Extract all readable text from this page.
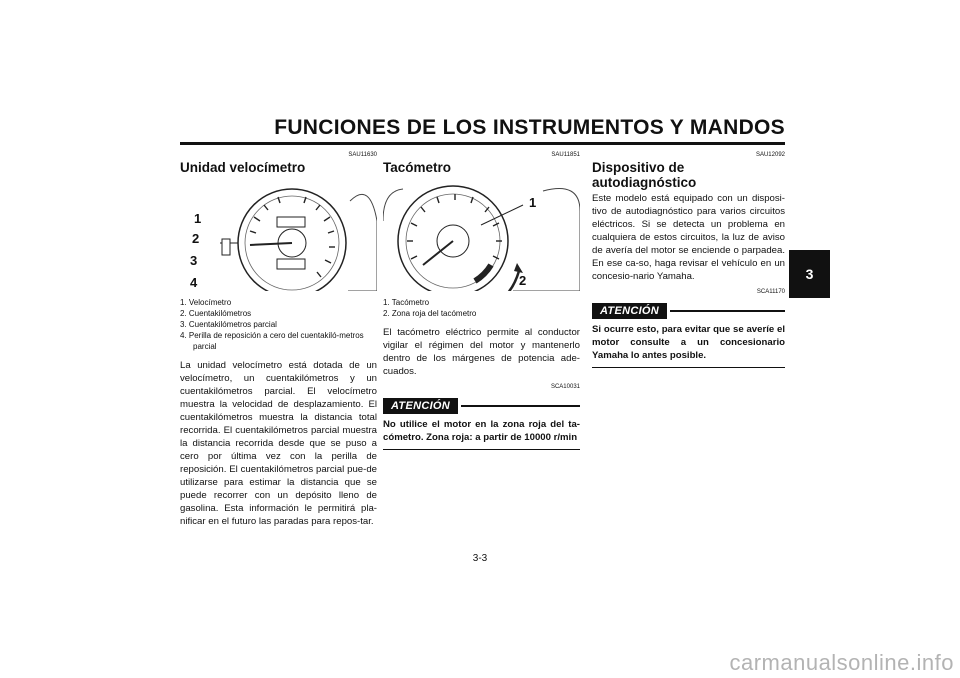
FUNCIONES DE LOS INSTRUMENTOS Y MANDOS
3
SAU11630
Unidad velocímetro
1
2
3
4
1. Velocímetro
2. Cuentakilómetros
3. Cuentakilómetros parcial
4. Perilla de reposición a cero del cuentakiló-metros parcial
La unidad velocímetro está dotada de un velocímetro, un cuentakilómetros y un cuentakilómetros parcial. El velocímetro muestra la velocidad de desplazamiento. El cuentakilómetros muestra la distancia total recorrida. El cuentakilómetros parcial muestra la distancia recorrida desde que se puso a cero por última vez con la perilla de reposición. El cuentakilómetros parcial pue-de utilizarse para estimar la distancia que se puede recorrer con un depósito lleno de gasolina. Esta información le permitirá pla-nificar en el futuro las paradas para repos-tar.
SAU11851
Tacómetro
1
2
1. Tacómetro
2. Zona roja del tacómetro
El tacómetro eléctrico permite al conductor vigilar el régimen del motor y mantenerlo dentro de los márgenes de potencia ade-cuados.
SCA10031
ATENCIÓN
No utilice el motor en la zona roja del ta-cómetro. Zona roja: a partir de 10000 r/min
SAU12092
Dispositivo de autodiagnóstico
Este modelo está equipado con un disposi-tivo de autodiagnóstico para varios circuitos eléctricos. Si se detecta un problema en cualquiera de estos circuitos, la luz de aviso de avería del motor se enciende o parpadea. En ese ca-so, haga revisar el vehículo en un concesio-nario Yamaha.
SCA11170
ATENCIÓN
Si ocurre esto, para evitar que se averíe el motor consulte a un concesionario Yamaha lo antes posible.
3-3
carmanualsonline.info
